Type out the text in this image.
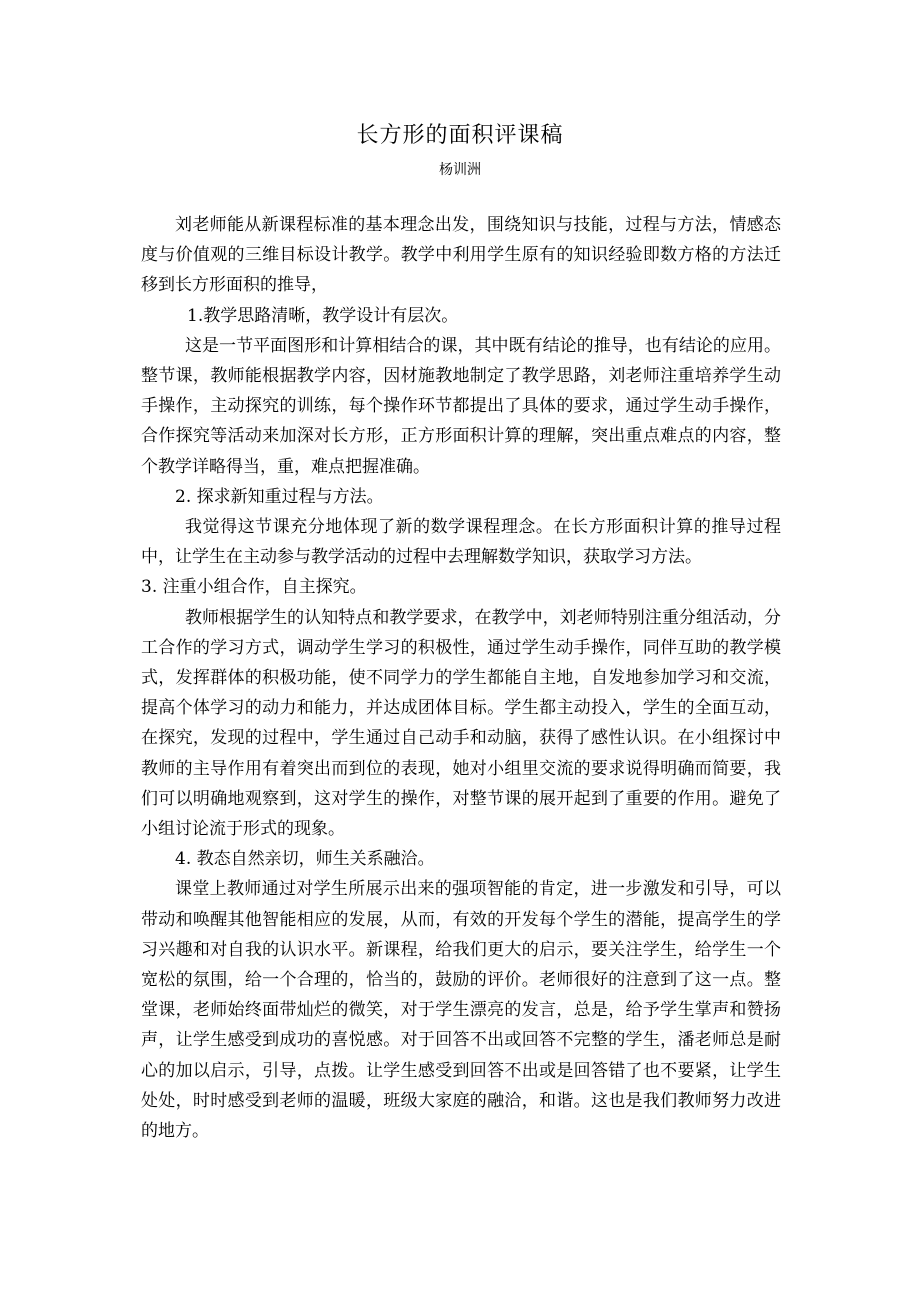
长方形的面积评课稿
杨训洲

刘老师能从新课程标准的基本理念出发，围绕知识与技能，过程与方法，情感态度与价值观的三维目标设计教学。教学中利用学生原有的知识经验即数方格的方法迁移到长方形面积的推导，

1.教学思路清晰，教学设计有层次。

这是一节平面图形和计算相结合的课，其中既有结论的推导，也有结论的应用。整节课，教师能根据教学内容，因材施教地制定了教学思路，刘老师注重培养学生动手操作，主动探究的训练，每个操作环节都提出了具体的要求，通过学生动手操作，合作探究等活动来加深对长方形，正方形面积计算的理解，突出重点难点的内容，整个教学详略得当，重，难点把握准确。

2. 探求新知重过程与方法。

我觉得这节课充分地体现了新的数学课程理念。在长方形面积计算的推导过程中，让学生在主动参与教学活动的过程中去理解数学知识，获取学习方法。

3. 注重小组合作，自主探究。

教师根据学生的认知特点和教学要求，在教学中，刘老师特别注重分组活动，分工合作的学习方式，调动学生学习的积极性，通过学生动手操作，同伴互助的教学模式，发挥群体的积极功能，使不同学力的学生都能自主地，自发地参加学习和交流，提高个体学习的动力和能力，并达成团体目标。学生都主动投入，学生的全面互动，在探究，发现的过程中，学生通过自己动手和动脑，获得了感性认识。在小组探讨中教师的主导作用有着突出而到位的表现，她对小组里交流的要求说得明确而简要，我们可以明确地观察到，这对学生的操作，对整节课的展开起到了重要的作用。避免了小组讨论流于形式的现象。

4. 教态自然亲切，师生关系融洽。

课堂上教师通过对学生所展示出来的强项智能的肯定，进一步激发和引导，可以带动和唤醒其他智能相应的发展，从而，有效的开发每个学生的潜能，提高学生的学习兴趣和对自我的认识水平。新课程，给我们更大的启示，要关注学生，给学生一个宽松的氛围，给一个合理的，恰当的，鼓励的评价。老师很好的注意到了这一点。整堂课，老师始终面带灿烂的微笑，对于学生漂亮的发言，总是，给予学生掌声和赞扬声，让学生感受到成功的喜悦感。对于回答不出或回答不完整的学生，潘老师总是耐心的加以启示，引导，点拨。让学生感受到回答不出或是回答错了也不要紧，让学生处处，时时感受到老师的温暖，班级大家庭的融洽，和谐。这也是我们教师努力改进的地方。
